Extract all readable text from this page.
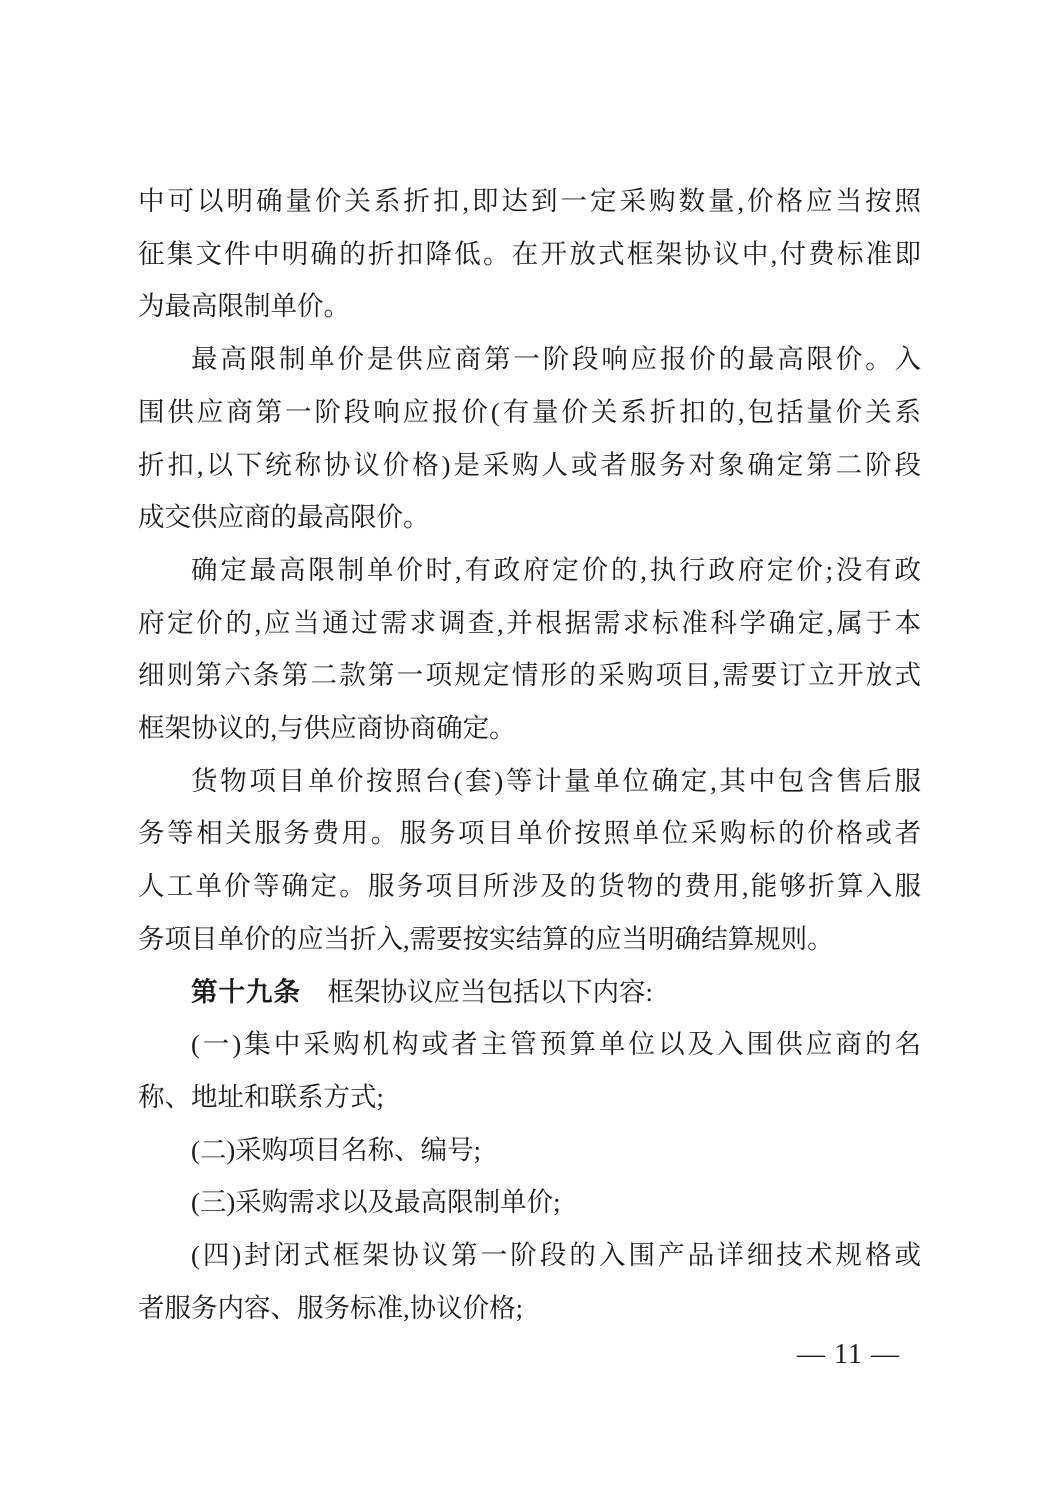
中可以明确量价关系折扣,即达到一定采购数量,价格应当按照
征集文件中明确的折扣降低。在开放式框架协议中,付费标准即
为最高限制单价。
最高限制单价是供应商第一阶段响应报价的最高限价。入
围供应商第一阶段响应报价(有量价关系折扣的,包括量价关系
折扣,以下统称协议价格)是采购人或者服务对象确定第二阶段
成交供应商的最高限价。
确定最高限制单价时,有政府定价的,执行政府定价;没有政
府定价的,应当通过需求调查,并根据需求标准科学确定,属于本
细则第六条第二款第一项规定情形的采购项目,需要订立开放式
框架协议的,与供应商协商确定。
货物项目单价按照台(套)等计量单位确定,其中包含售后服
务等相关服务费用。服务项目单价按照单位采购标的价格或者
人工单价等确定。服务项目所涉及的货物的费用,能够折算入服
务项目单价的应当折入,需要按实结算的应当明确结算规则。
第十九条 框架协议应当包括以下内容:
(一)集中采购机构或者主管预算单位以及入围供应商的名
称、地址和联系方式;
(二)采购项目名称、编号;
(三)采购需求以及最高限制单价;
(四)封闭式框架协议第一阶段的入围产品详细技术规格或
者服务内容、服务标准,协议价格;
— 11 —
